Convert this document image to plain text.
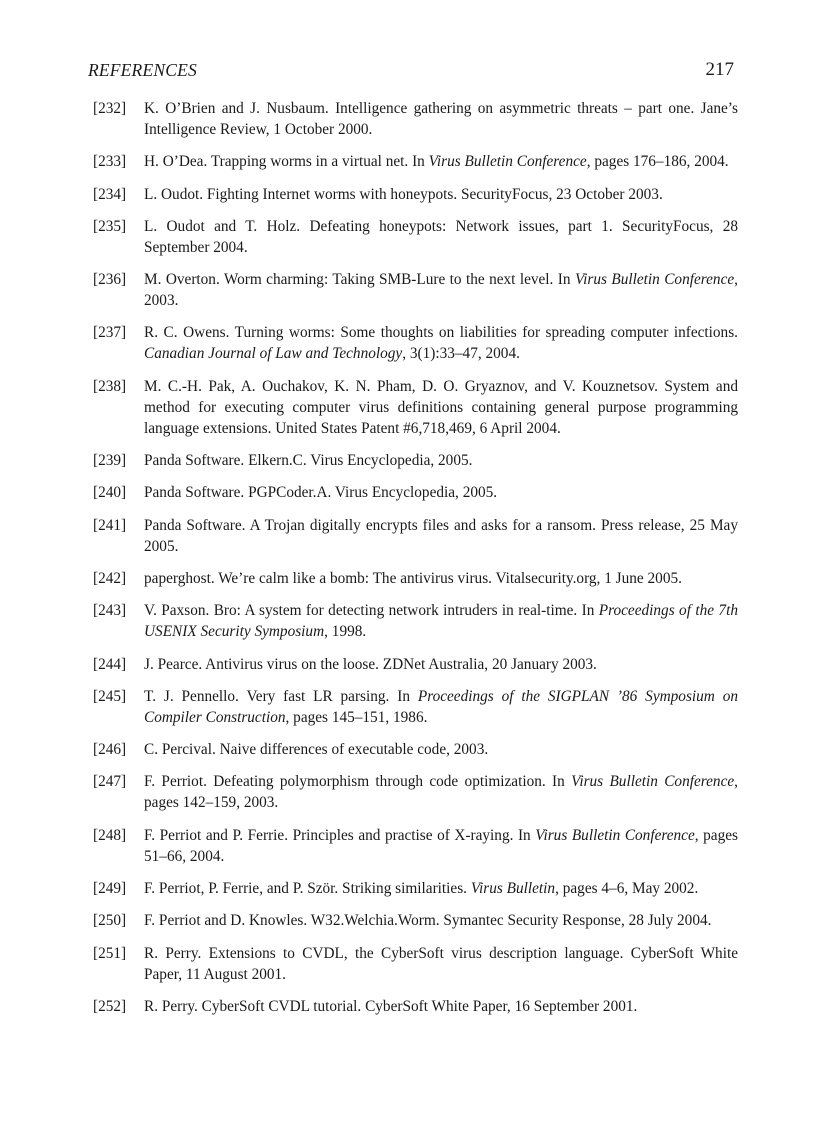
REFERENCES	217
[232]	K. O’Brien and J. Nusbaum. Intelligence gathering on asymmetric threats – part one. Jane’s Intelligence Review, 1 October 2000.
[233]	H. O’Dea. Trapping worms in a virtual net. In Virus Bulletin Conference, pages 176–186, 2004.
[234]	L. Oudot. Fighting Internet worms with honeypots. SecurityFocus, 23 October 2003.
[235]	L. Oudot and T. Holz. Defeating honeypots: Network issues, part 1. SecurityFocus, 28 September 2004.
[236]	M. Overton. Worm charming: Taking SMB-Lure to the next level. In Virus Bulletin Conference, 2003.
[237]	R. C. Owens. Turning worms: Some thoughts on liabilities for spreading computer infections. Canadian Journal of Law and Technology, 3(1):33–47, 2004.
[238]	M. C.-H. Pak, A. Ouchakov, K. N. Pham, D. O. Gryaznov, and V. Kouznetsov. System and method for executing computer virus definitions containing general purpose programming language extensions. United States Patent #6,718,469, 6 April 2004.
[239]	Panda Software. Elkern.C. Virus Encyclopedia, 2005.
[240]	Panda Software. PGPCoder.A. Virus Encyclopedia, 2005.
[241]	Panda Software. A Trojan digitally encrypts files and asks for a ransom. Press release, 25 May 2005.
[242]	paperghost. We’re calm like a bomb: The antivirus virus. Vitalsecurity.org, 1 June 2005.
[243]	V. Paxson. Bro: A system for detecting network intruders in real-time. In Proceedings of the 7th USENIX Security Symposium, 1998.
[244]	J. Pearce. Antivirus virus on the loose. ZDNet Australia, 20 January 2003.
[245]	T. J. Pennello. Very fast LR parsing. In Proceedings of the SIGPLAN ’86 Symposium on Compiler Construction, pages 145–151, 1986.
[246]	C. Percival. Naive differences of executable code, 2003.
[247]	F. Perriot. Defeating polymorphism through code optimization. In Virus Bulletin Conference, pages 142–159, 2003.
[248]	F. Perriot and P. Ferrie. Principles and practise of X-raying. In Virus Bulletin Conference, pages 51–66, 2004.
[249]	F. Perriot, P. Ferrie, and P. Ször. Striking similarities. Virus Bulletin, pages 4–6, May 2002.
[250]	F. Perriot and D. Knowles. W32.Welchia.Worm. Symantec Security Response, 28 July 2004.
[251]	R. Perry. Extensions to CVDL, the CyberSoft virus description language. CyberSoft White Paper, 11 August 2001.
[252]	R. Perry. CyberSoft CVDL tutorial. CyberSoft White Paper, 16 September 2001.
